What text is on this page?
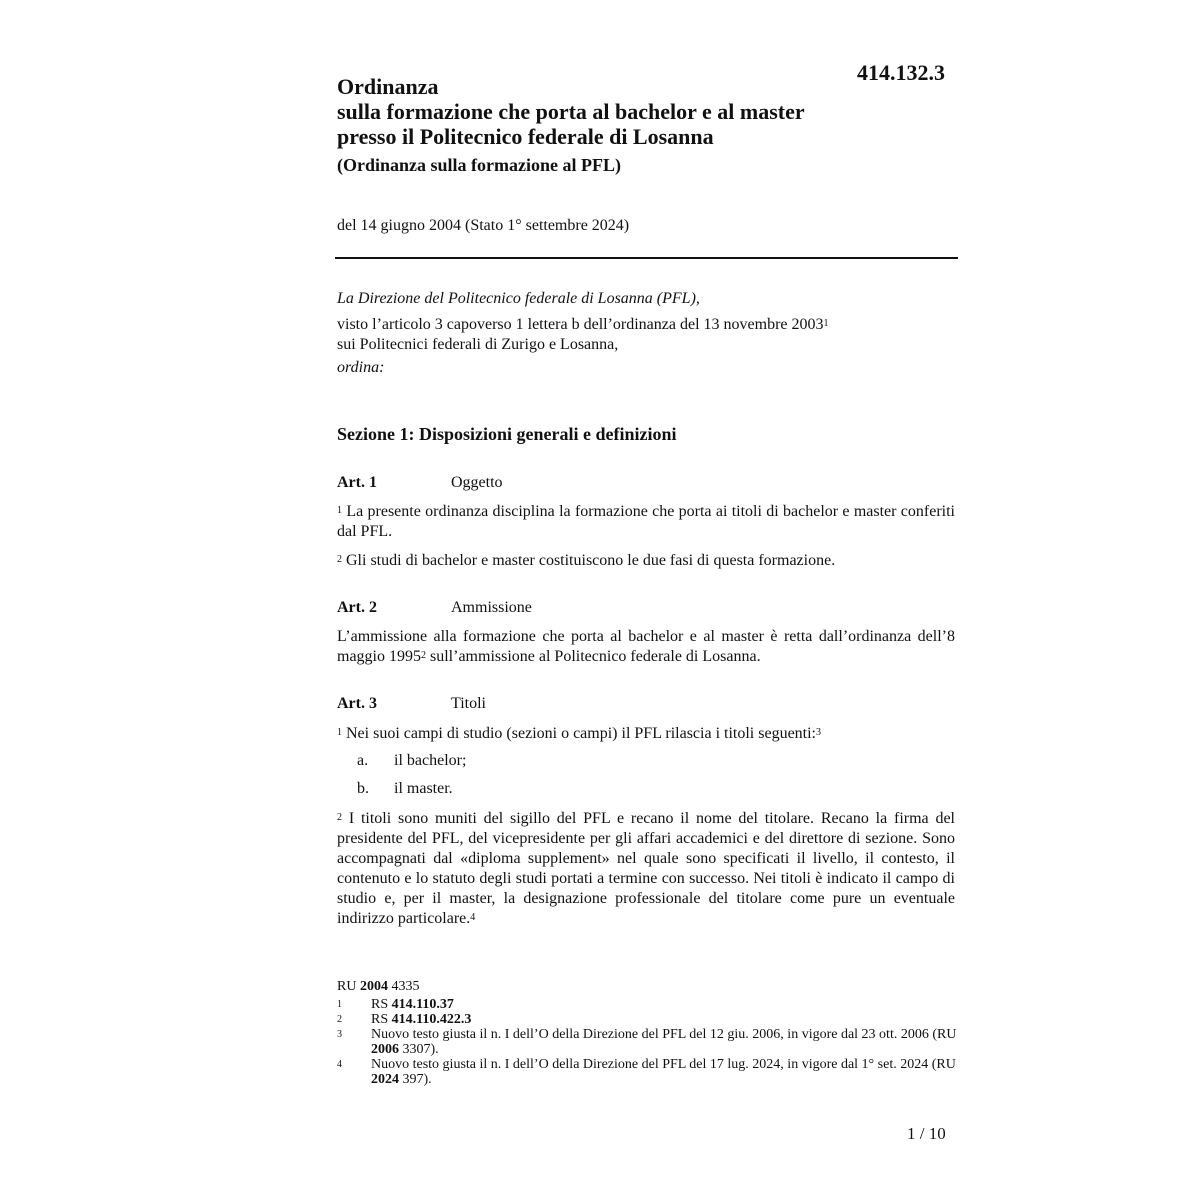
414.132.3
Ordinanza
sulla formazione che porta al bachelor e al master
presso il Politecnico federale di Losanna
(Ordinanza sulla formazione al PFL)
del 14 giugno 2004 (Stato 1° settembre 2024)
La Direzione del Politecnico federale di Losanna (PFL),
visto l’articolo 3 capoverso 1 lettera b dell’ordinanza del 13 novembre 2003$^1$
sui Politecnici federali di Zurigo e Losanna,
ordina:
Sezione 1: Disposizioni generali e definizioni
Art. 1	Oggetto
$^1$ La presente ordinanza disciplina la formazione che porta ai titoli di bachelor e master conferiti dal PFL.
$^2$ Gli studi di bachelor e master costituiscono le due fasi di questa formazione.
Art. 2	Ammissione
L’ammissione alla formazione che porta al bachelor e al master è retta dall’ordinanza dell’8 maggio 1995$^2$ sull’ammissione al Politecnico federale di Losanna.
Art. 3	Titoli
$^1$ Nei suoi campi di studio (sezioni o campi) il PFL rilascia i titoli seguenti:$^3$
a. il bachelor;
b. il master.
$^2$ I titoli sono muniti del sigillo del PFL e recano il nome del titolare. Recano la firma del presidente del PFL, del vicepresidente per gli affari accademici e del direttore di sezione. Sono accompagnati dal «diploma supplement» nel quale sono specificati il livello, il contesto, il contenuto e lo statuto degli studi portati a termine con successo. Nei titoli è indicato il campo di studio e, per il master, la designazione professionale del titolare come pure un eventuale indirizzo particolare.$^4$
RU 2004 4335
1	RS 414.110.37
2	RS 414.110.422.3
3	Nuovo testo giusta il n. I dell’O della Direzione del PFL del 12 giu. 2006, in vigore dal 23 ott. 2006 (RU 2006 3307).
4	Nuovo testo giusta il n. I dell’O della Direzione del PFL del 17 lug. 2024, in vigore dal 1° set. 2024 (RU 2024 397).
1 / 10
